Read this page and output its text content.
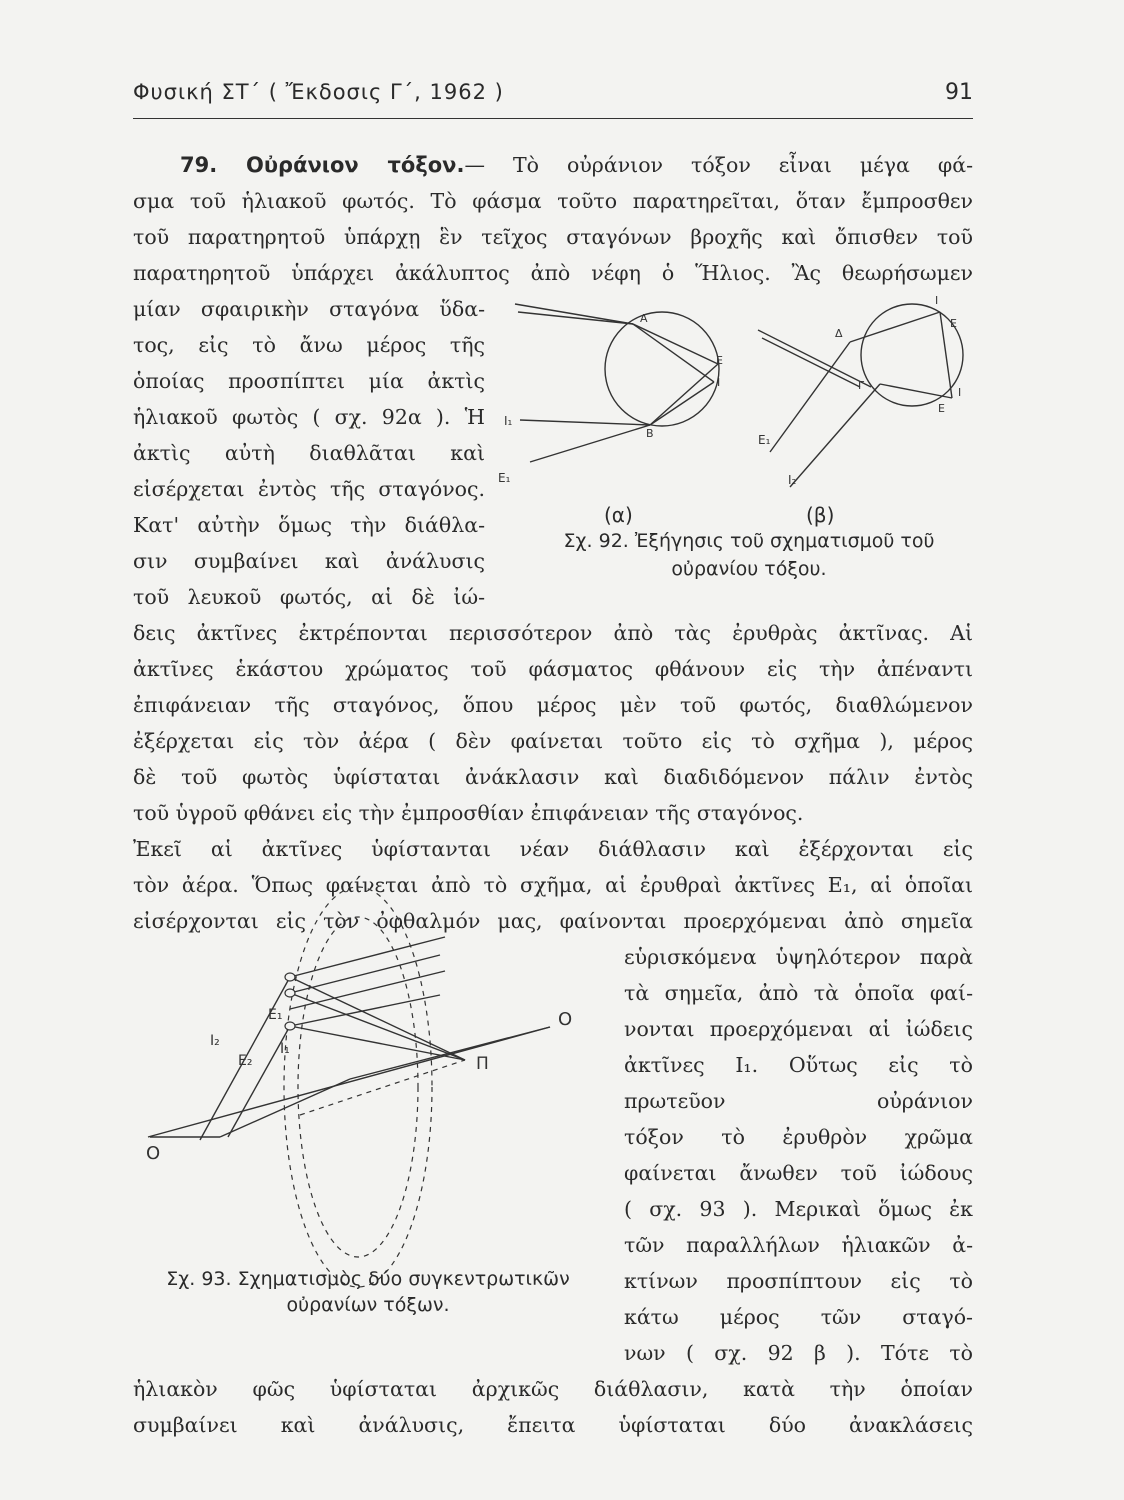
Φυσική ΣΤ΄ ( Ἔκδοσις Γ΄, 1962 )	91
79. Οὐράνιον τόξον.— Τὸ οὐράνιον τόξον εἶναι μέγα φά-
σμα τοῦ ἡλιακοῦ φωτός. Τὸ φάσμα τοῦτο παρατηρεῖται, ὅταν ἔμπροσθεν
τοῦ παρατηρητοῦ ὑπάρχῃ ἓν τεῖχος σταγόνων βροχῆς καὶ ὄπισθεν τοῦ
παρατηρητοῦ ὑπάρχει ἀκάλυπτος ἀπὸ νέφη ὁ Ἥλιος. Ἂς θεωρήσωμεν
μίαν σφαιρικὴν σταγόνα ὕδα-
τος, εἰς τὸ ἄνω μέρος τῆς
ὁποίας προσπίπτει μία ἀκτὶς
ἡλιακοῦ φωτὸς ( σχ. 92α ). Ἡ
ἀκτὶς αὐτὴ διαθλᾶται καὶ
εἰσέρχεται ἐντὸς τῆς σταγόνος.
Κατ' αὐτὴν ὅμως τὴν διάθλα-
σιν συμβαίνει καὶ ἀνάλυσις
τοῦ λευκοῦ φωτός, αἱ δὲ ἰώ-
δεις ἀκτῖνες ἐκτρέπονται περισσότερον ἀπὸ τὰς ἐρυθρὰς ἀκτῖνας. Αἱ
ἀκτῖνες ἑκάστου χρώματος τοῦ φάσματος φθάνουν εἰς τὴν ἀπέναντι
ἐπιφάνειαν τῆς σταγόνος, ὅπου μέρος μὲν τοῦ φωτός, διαθλώμενον
ἐξέρχεται εἰς τὸν ἀέρα ( δὲν φαίνεται τοῦτο εἰς τὸ σχῆμα ), μέρος
δὲ τοῦ φωτὸς ὑφίσταται ἀνάκλασιν καὶ διαδιδόμενον πάλιν ἐντὸς
τοῦ ὑγροῦ φθάνει εἰς τὴν ἐμπροσθίαν ἐπιφάνειαν τῆς σταγόνος.
Ἐκεῖ αἱ ἀκτῖνες ὑφίστανται νέαν διάθλασιν καὶ ἐξέρχονται εἰς
τὸν ἀέρα. Ὅπως φαίνεται ἀπὸ τὸ σχῆμα, αἱ ἐρυθραὶ ἀκτῖνες Ε₁, αἱ ὁποῖαι
εἰσέρχονται εἰς τὸν ὀφθαλμόν μας, φαίνονται προερχόμεναι ἀπὸ σημεῖα
εὑρισκόμενα ὑψηλότερον παρὰ
τὰ σημεῖα, ἀπὸ τὰ ὁποῖα φαί-
νονται προερχόμεναι αἱ ἰώδεις
ἀκτῖνες Ι₁. Οὕτως εἰς τὸ
πρωτεῦον οὐράνιον
τόξον τὸ ἐρυθρὸν χρῶμα
φαίνεται ἄνωθεν τοῦ ἰώδους
( σχ. 93 ). Μερικαὶ ὅμως ἐκ
τῶν παραλλήλων ἡλιακῶν ἀ-
κτίνων προσπίπτουν εἰς τὸ
κάτω μέρος τῶν σταγό-
νων ( σχ. 92 β ). Τότε τὸ
ἡλιακὸν φῶς ὑφίσταται ἀρχικῶς διάθλασιν, κατὰ τὴν ὁποίαν
συμβαίνει καὶ ἀνάλυσις, ἔπειτα ὑφίσταται δύο ἀνακλάσεις
A
B
E
I
I₁
E₁
Δ
Γ
I
E
E
I
E₁
I₂
(α)	(β)
Σχ. 92. Ἐξήγησις τοῦ σχηματισμοῦ τοῦ
οὐρανίου τόξου.
I₂
E₁
E₂
I₁
Π
O
O
Σχ. 93. Σχηματισμὸς δύο συγκεντρωτικῶν
οὐρανίων τόξων.
